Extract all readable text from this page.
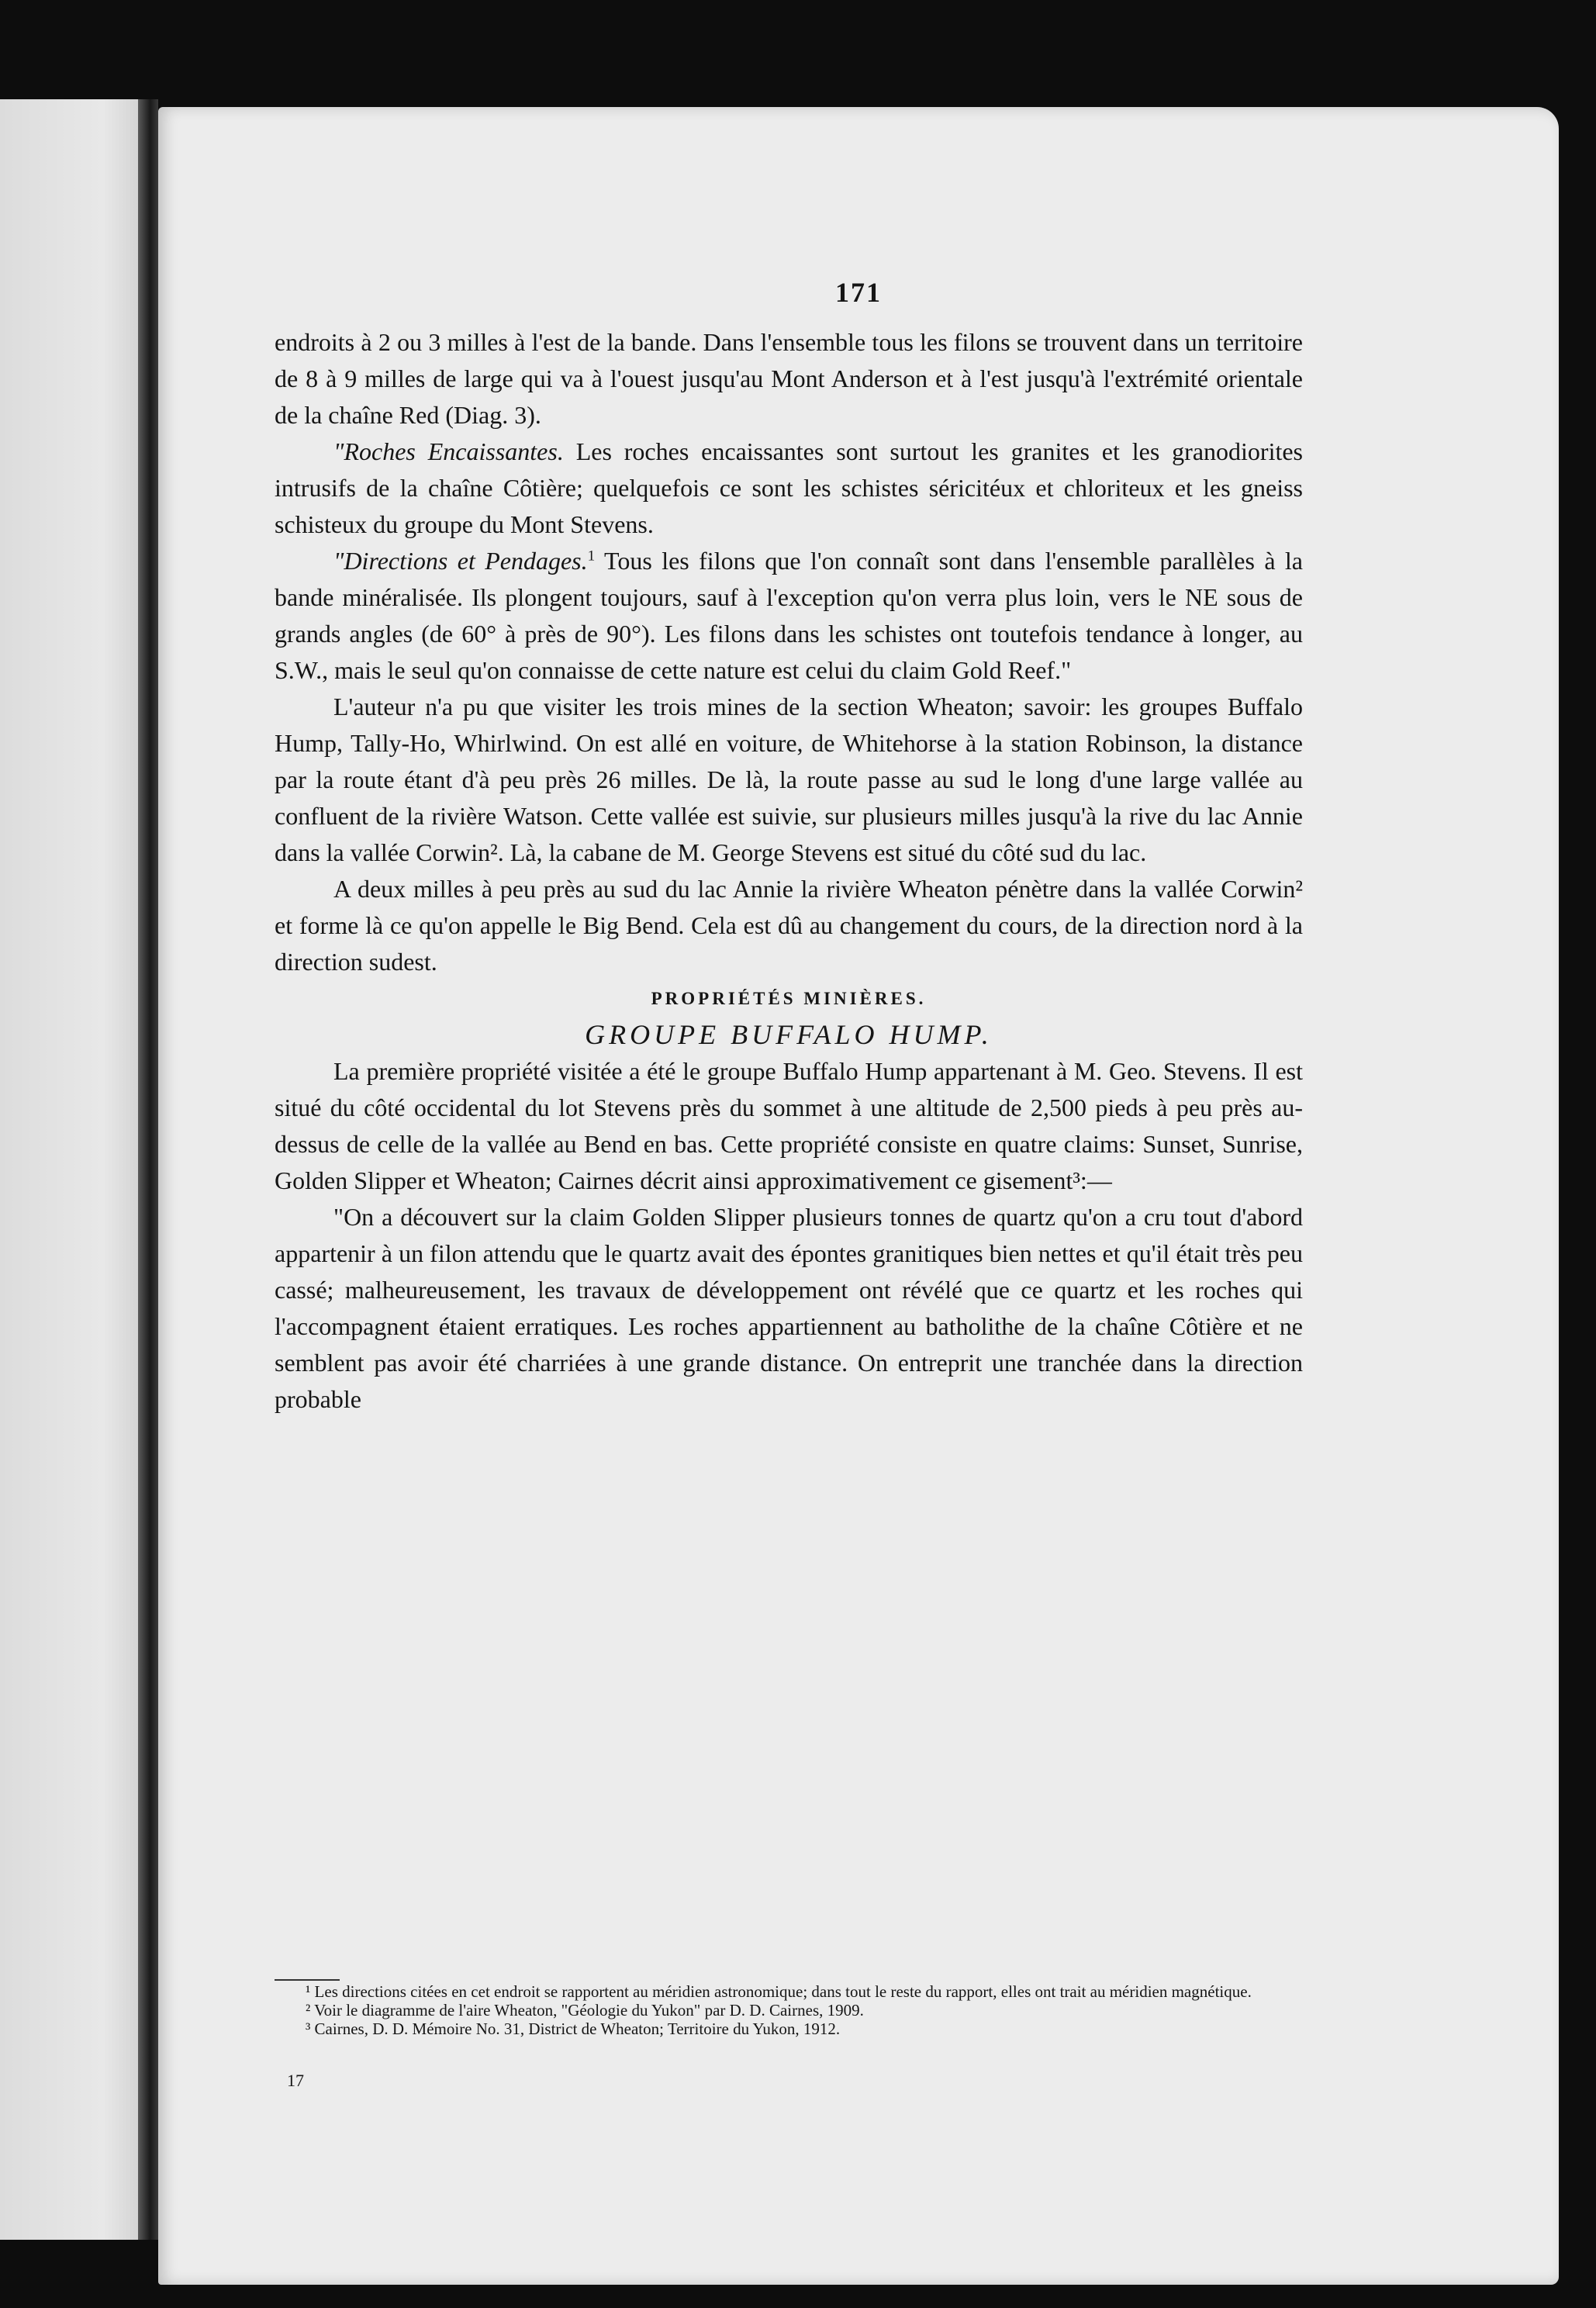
171

endroits à 2 ou 3 milles à l'est de la bande. Dans l'ensemble tous les filons se trouvent dans un territoire de 8 à 9 milles de large qui va à l'ouest jusqu'au Mont Anderson et à l'est jusqu'à l'extrémité orientale de la chaîne Red (Diag. 3).

"Roches Encaissantes. Les roches encaissantes sont surtout les granites et les granodiorites intrusifs de la chaîne Côtière; quelquefois ce sont les schistes séricitéux et chloriteux et les gneiss schisteux du groupe du Mont Stevens.

"Directions et Pendages.$^1$ Tous les filons que l'on connaît sont dans l'ensemble parallèles à la bande minéralisée. Ils plongent toujours, sauf à l'exception qu'on verra plus loin, vers le NE sous de grands angles (de 60° à près de 90°). Les filons dans les schistes ont toutefois tendance à longer, au S.W., mais le seul qu'on connaisse de cette nature est celui du claim Gold Reef."

L'auteur n'a pu que visiter les trois mines de la section Wheaton; savoir: les groupes Buffalo Hump, Tally-Ho, Whirlwind. On est allé en voiture, de Whitehorse à la station Robinson, la distance par la route étant d'à peu près 26 milles. De là, la route passe au sud le long d'une large vallée au confluent de la rivière Watson. Cette vallée est suivie, sur plusieurs milles jusqu'à la rive du lac Annie dans la vallée Corwin². Là, la cabane de M. George Stevens est situé du côté sud du lac.

A deux milles à peu près au sud du lac Annie la rivière Wheaton pénètre dans la vallée Corwin² et forme là ce qu'on appelle le Big Bend. Cela est dû au changement du cours, de la direction nord à la direction sudest.

PROPRIÉTÉS MINIÈRES.

GROUPE BUFFALO HUMP.

La première propriété visitée a été le groupe Buffalo Hump appartenant à M. Geo. Stevens. Il est situé du côté occidental du lot Stevens près du sommet à une altitude de 2,500 pieds à peu près au-dessus de celle de la vallée au Bend en bas. Cette propriété consiste en quatre claims: Sunset, Sunrise, Golden Slipper et Wheaton; Cairnes décrit ainsi approximativement ce gisement³:—

"On a découvert sur la claim Golden Slipper plusieurs tonnes de quartz qu'on a cru tout d'abord appartenir à un filon attendu que le quartz avait des épontes granitiques bien nettes et qu'il était très peu cassé; malheureusement, les travaux de développement ont révélé que ce quartz et les roches qui l'accompagnent étaient erratiques. Les roches appartiennent au batholithe de la chaîne Côtière et ne semblent pas avoir été charriées à une grande distance. On entreprit une tranchée dans la direction probable

¹ Les directions citées en cet endroit se rapportent au méridien astronomique; dans tout le reste du rapport, elles ont trait au méridien magnétique.

² Voir le diagramme de l'aire Wheaton, "Géologie du Yukon" par D. D. Cairnes, 1909.

³ Cairnes, D. D. Mémoire No. 31, District de Wheaton; Territoire du Yukon, 1912.

17
